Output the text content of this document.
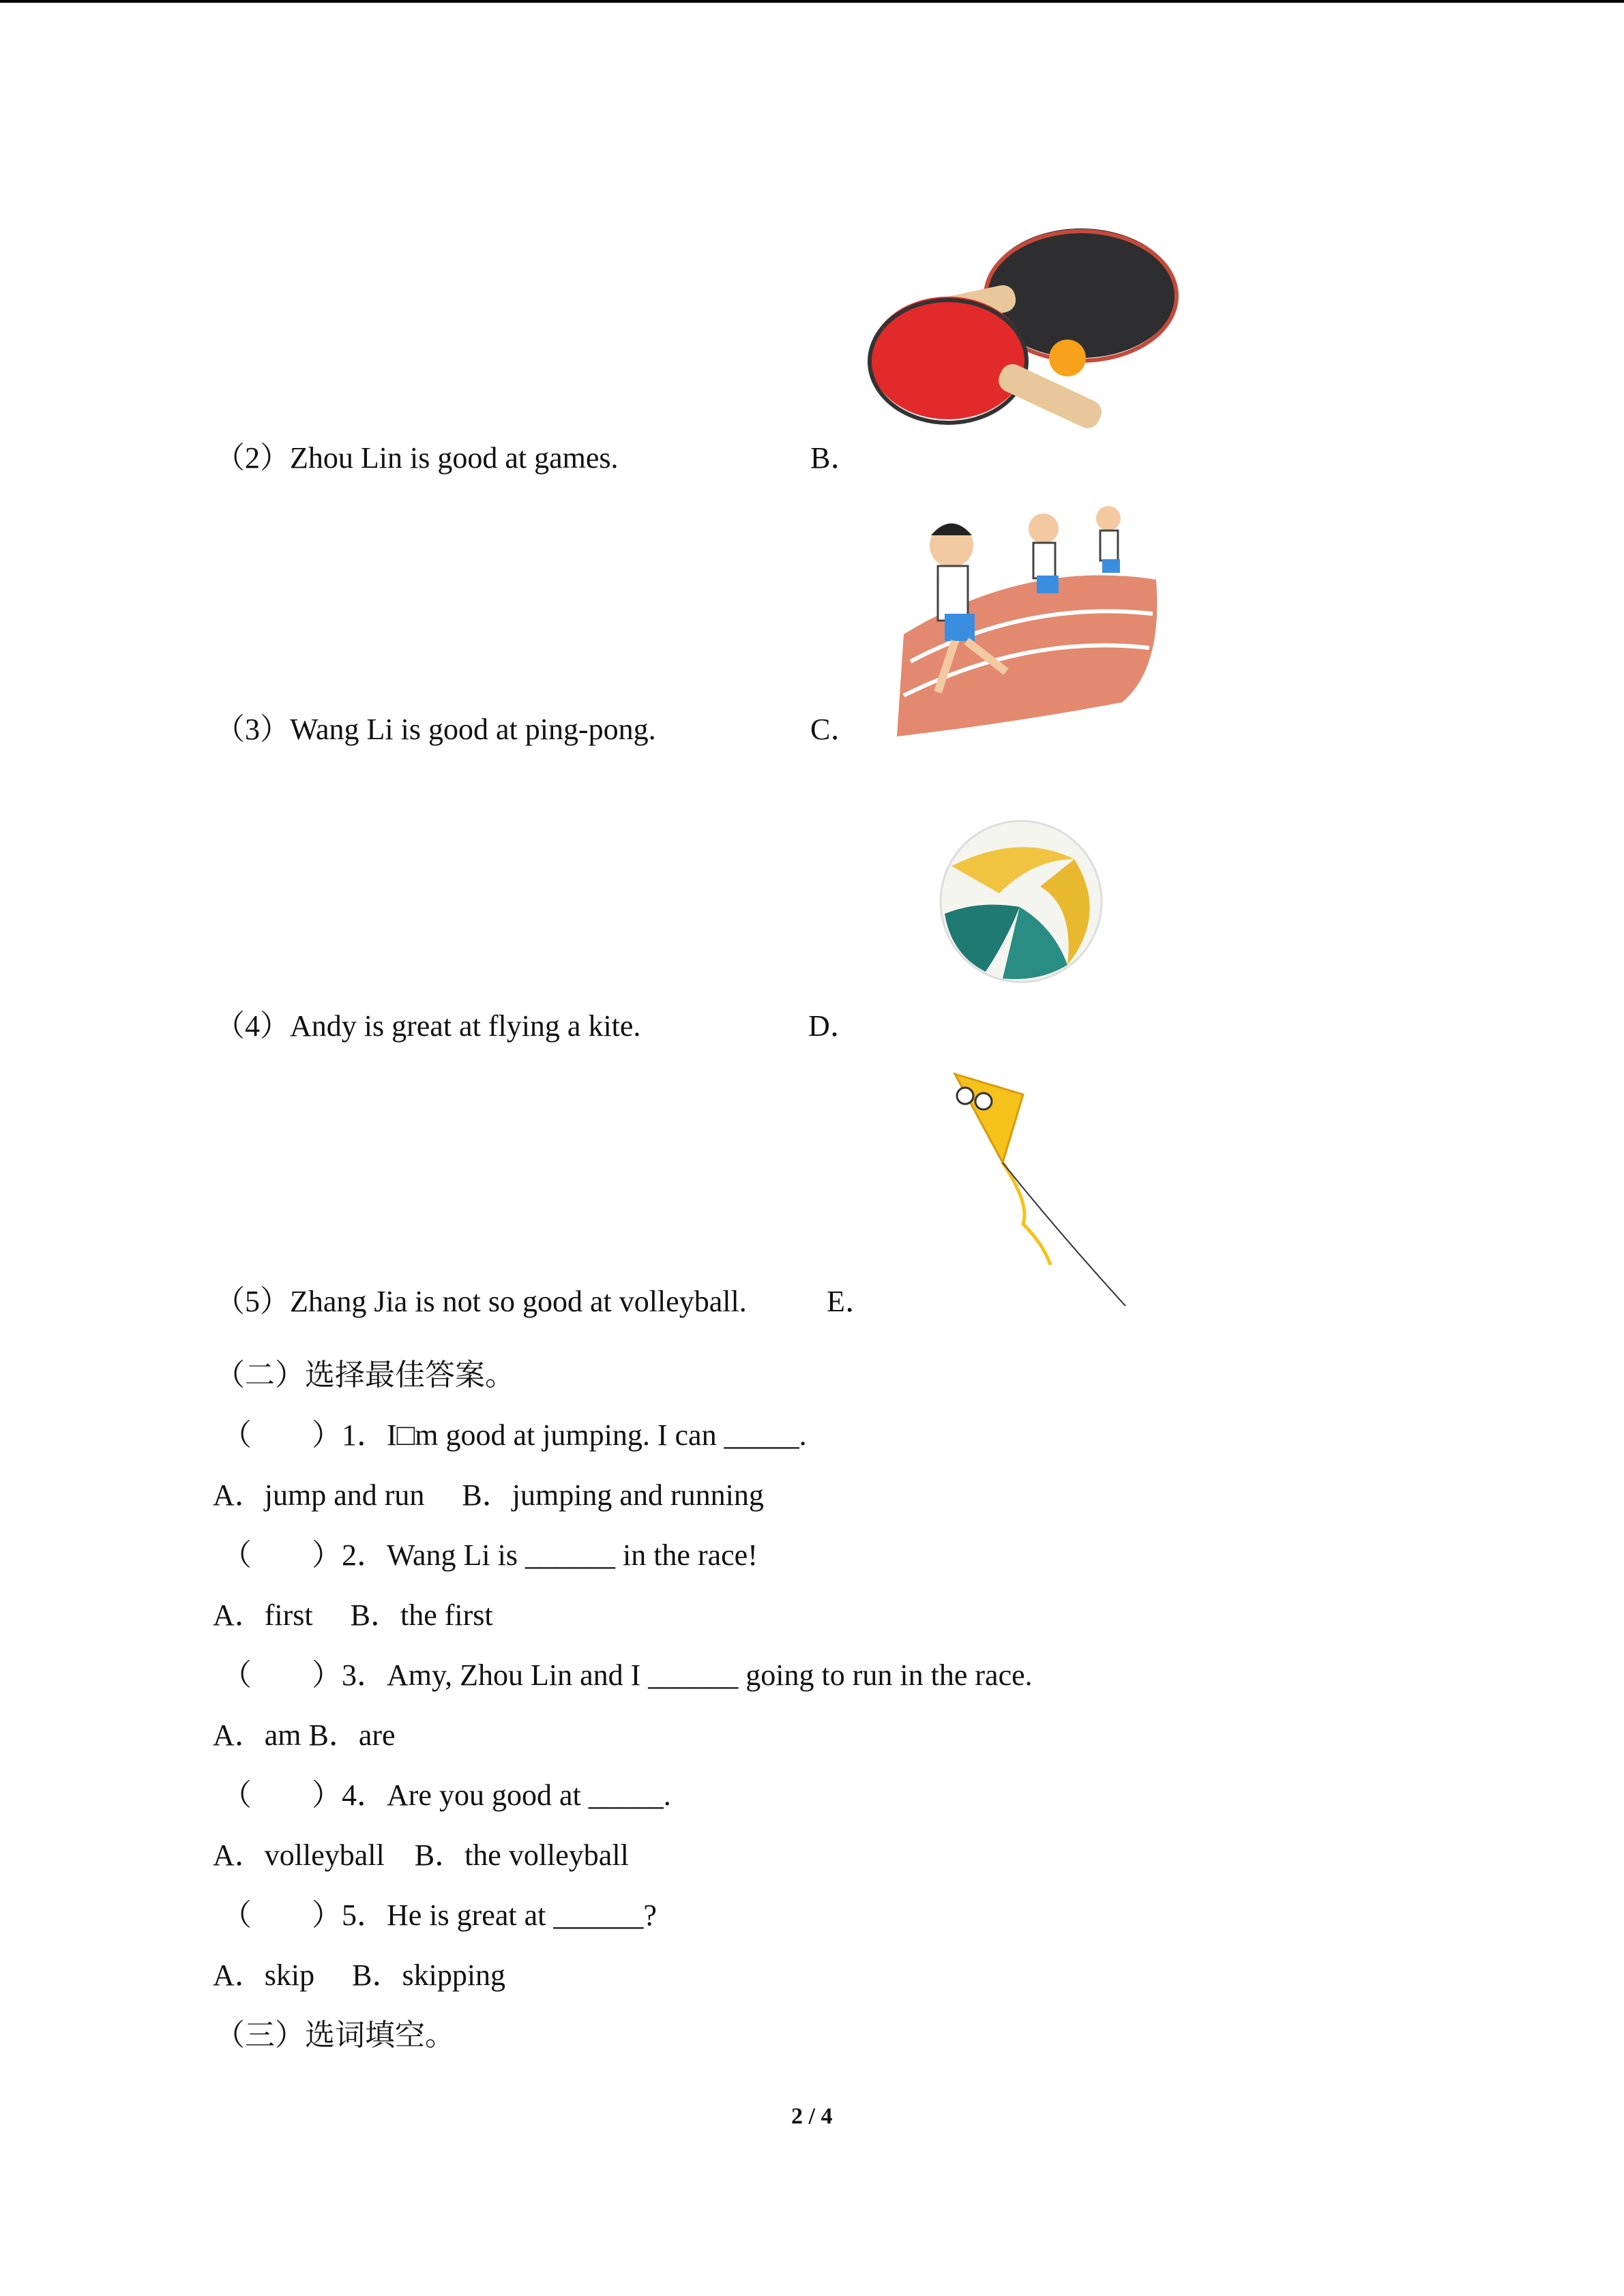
（2）Zhou Lin is good at games.	B．
（3）Wang Li is good at ping-pong.	C．
（4）Andy is great at flying a kite.	D．
（5）Zhang Jia is not so good at volleyball.	E．
（二）选择最佳答案。
（　　）1．I□m good at jumping. I can _____.
A．jump and run　 B．jumping and running
（　　）2．Wang Li is ______ in the race!
A．first　 B．the first
（　　）3．Amy, Zhou Lin and I ______ going to run in the race.
A．am B．are
（　　）4．Are you good at _____.
A．volleyball　B．the volleyball
（　　）5．He is great at ______?
A．skip　 B．skipping
（三）选词填空。
2 / 4
